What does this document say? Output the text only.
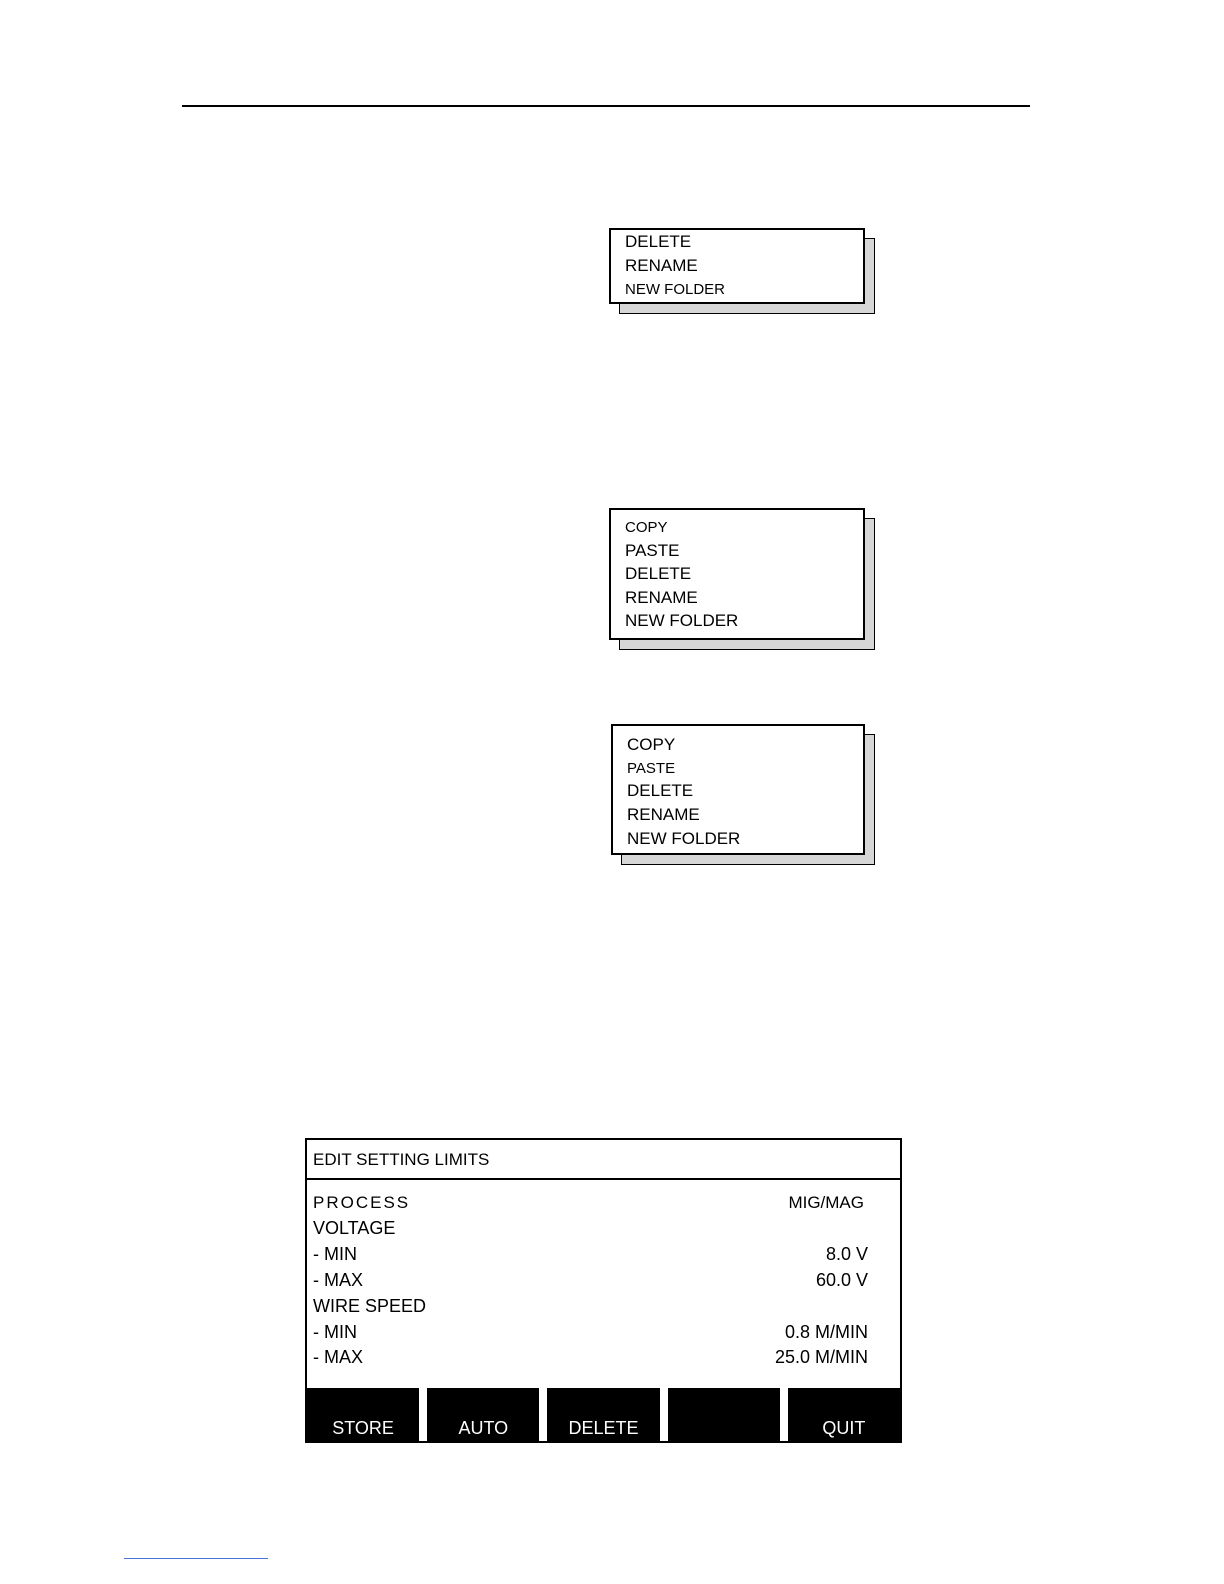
DELETE
RENAME
NEW FOLDER
COPY
PASTE
DELETE
RENAME
NEW FOLDER
COPY
PASTE
DELETE
RENAME
NEW FOLDER
EDIT SETTING LIMITS
PROCESS	MIG/MAG
VOLTAGE
- MIN	8.0 V
- MAX	60.0 V
WIRE SPEED
- MIN	0.8 M/MIN
- MAX	25.0 M/MIN
STORE	AUTO	DELETE	QUIT
